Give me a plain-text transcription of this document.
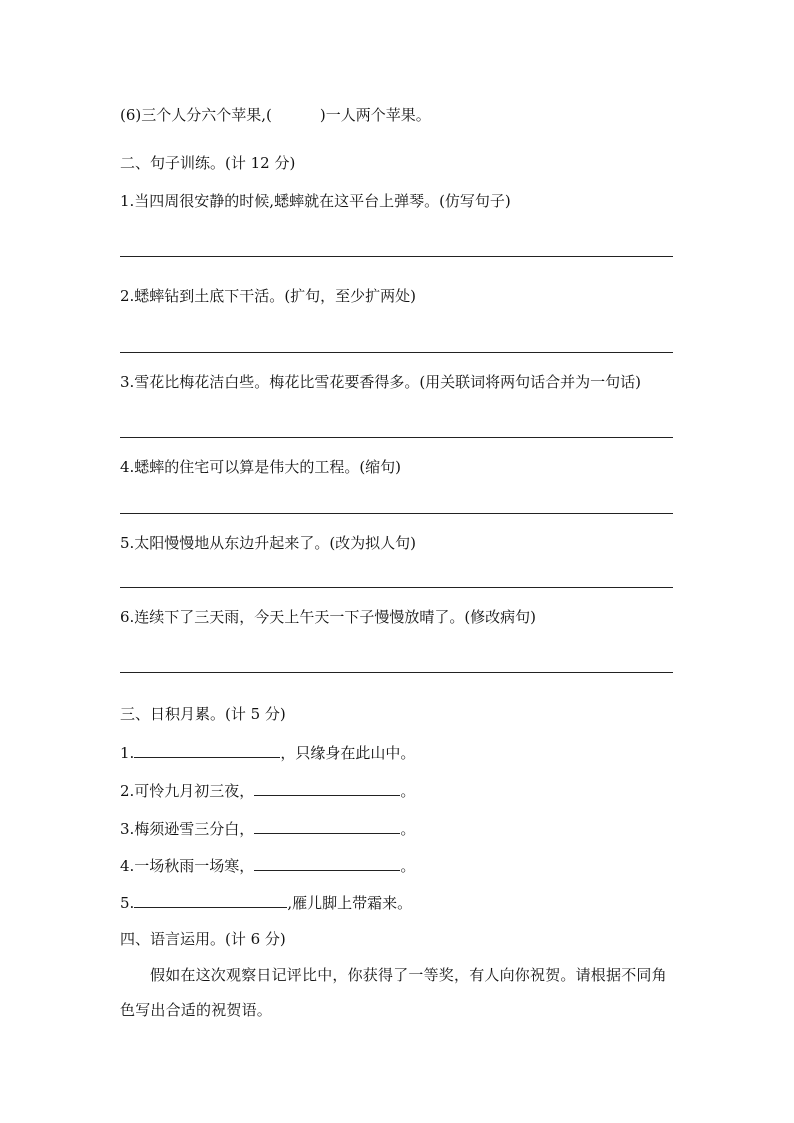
(6)三个人分六个苹果,(	)一人两个苹果。
二、句子训练。(计 12 分)
1.当四周很安静的时候,蟋蟀就在这平台上弹琴。(仿写句子)
2.蟋蟀钻到土底下干活。(扩句，至少扩两处)
3.雪花比梅花洁白些。梅花比雪花要香得多。(用关联词将两句话合并为一句话)
4.蟋蟀的住宅可以算是伟大的工程。(缩句)
5.太阳慢慢地从东边升起来了。(改为拟人句)
6.连续下了三天雨，今天上午天一下子慢慢放晴了。(修改病句)
三、日积月累。(计 5 分)
1.	，只缘身在此山中。
2.可怜九月初三夜，	。
3.梅须逊雪三分白，	。
4.一场秋雨一场寒，	。
5.	,雁儿脚上带霜来。
四、语言运用。(计 6 分)
假如在这次观察日记评比中，你获得了一等奖，有人向你祝贺。请根据不同角色写出合适的祝贺语。
